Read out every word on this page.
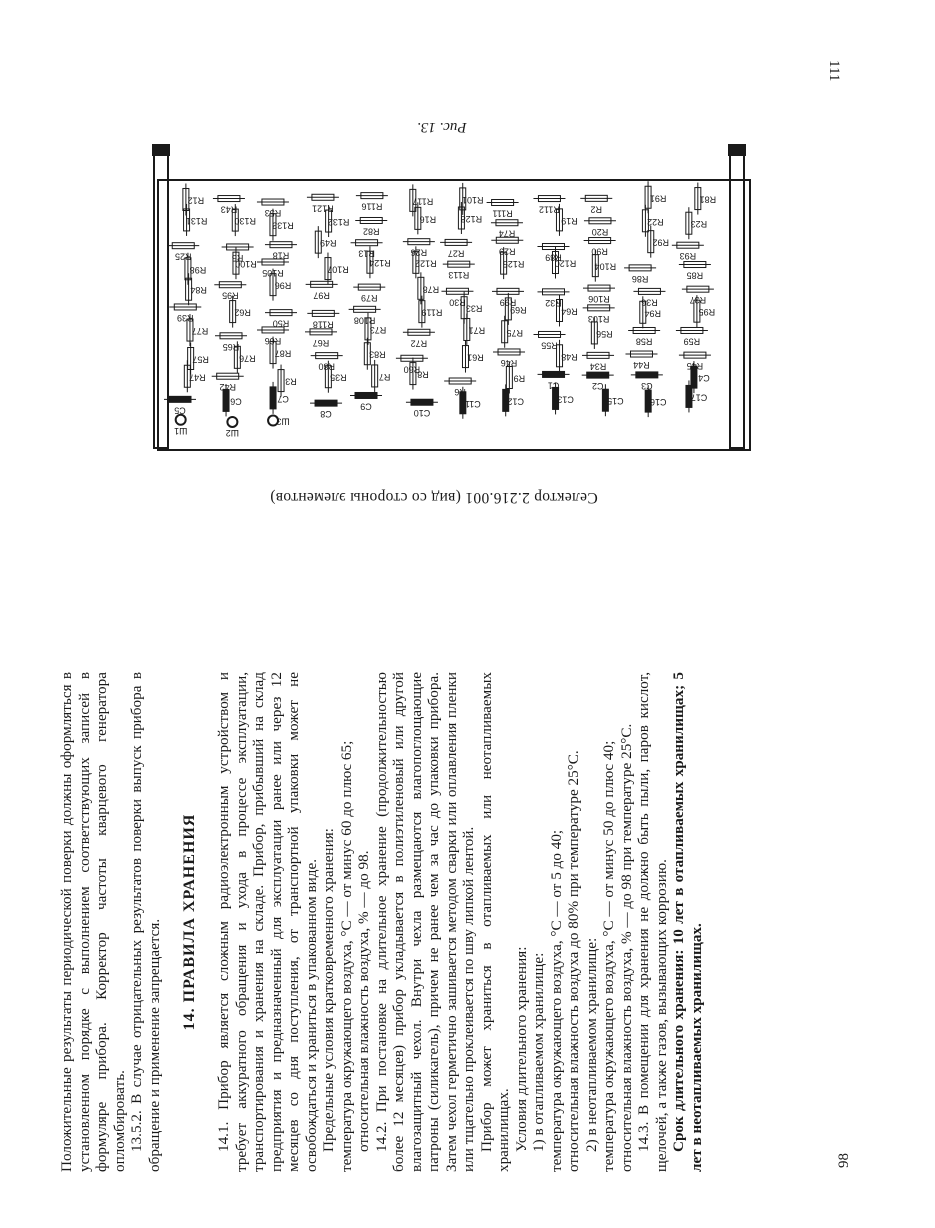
Положительные результаты периодической поверки должны оформляться в установленном порядке с выполнением соответствующих записей в формуляре прибора. Корректор частоты кварцевого генератора опломбировать. 13.5.2. В случае отрицательных результатов поверки выпуск прибора в обращение и применение запрещается. 14. ПРАВИЛА ХРАНЕНИЯ 14.1. Прибор является сложным радиоэлектронным устройством и требует аккуратного обращения и ухода в процессе эксплуатации, транспортирования и хранения на складе. Прибор, прибывший на склад предприятия и предназначенный для эксплуатации ранее или через 12 месяцев со дня поступления, от транспортной упаковки может не освобождаться и храниться в упакованном виде. Предельные условия кратковременного хранения: температура окружающего воздуха, °С — от минус 60 до плюс 65; относительная влажность воздуха, % — до 98. 14.2. При постановке на длительное хранение (продолжительностью более 12 месяцев) прибор укладывается в полиэтиленовый или другой влагозащитный чехол. Внутри чехла размещаются влагопоглощающие патроны (силикагель), причем не ранее чем за час до упаковки прибора. Затем чехол герметично зашивается методом сварки или оплавления пленки или тщательно проклеивается по шву липкой лентой. Прибор может храниться в отапливаемых или неотапливаемых хранилищах. Условия длительного хранения: 1) в отапливаемом хранилище: температура окружающего воздуха, °С — от 5 до 40; относительная влажность воздуха до 80% при температуре 25°С. 2) в неотапливаемом хранилище: температура окружающего воздуха, °С — от минус 50 до плюс 40; относительная влажность воздуха, % — до 98 при температуре 25°С. 14.3. В помещении для хранения не должно быть пыли, паров кислот, щелочей, а также газов, вызывающих коррозию. Срок длительного хранения: 10 лет в отапливаемых хранилищах; 5 лет в неотапливаемых хранилищах.	98
111
Рис. 13.
R12
R43	R53	R121	R116
R117	R101
R111	R112	R2
R91	R81
R131	R130 R133	R132
R82
R16	R128
R74
R19
R20
R22	R23
R25	R5	R18
R49
R13	R26 R27	R29
R89
R90
R92
R93
R98
R100
R105	R107
R124	R122
R113
R125	R120 R104
R86	R85
R84
R95
R96
R97	R79
R78
R30	R99	R32	R106	R36	R37
R39
R62
R50	R118 R108
R119	R33	R69	R64
R103
R94	R95
R77
R65
R66	R67
R73
R72
R71 R75
R55
R56
R58	R59
R57	R76 R87
R80
R83
R60
R61
R46
R48
R34	R44	R45
R47
R42
R3	R35	R7	R8
R6
R9
C1	C2	C3
C4
C5
C6	C7
C8
C9
C10
C11	C12	C13	C15	C16	C17
Ш1	Ш2
Ш3
Селектор 2.216.001 (вид со стороны элементов)
